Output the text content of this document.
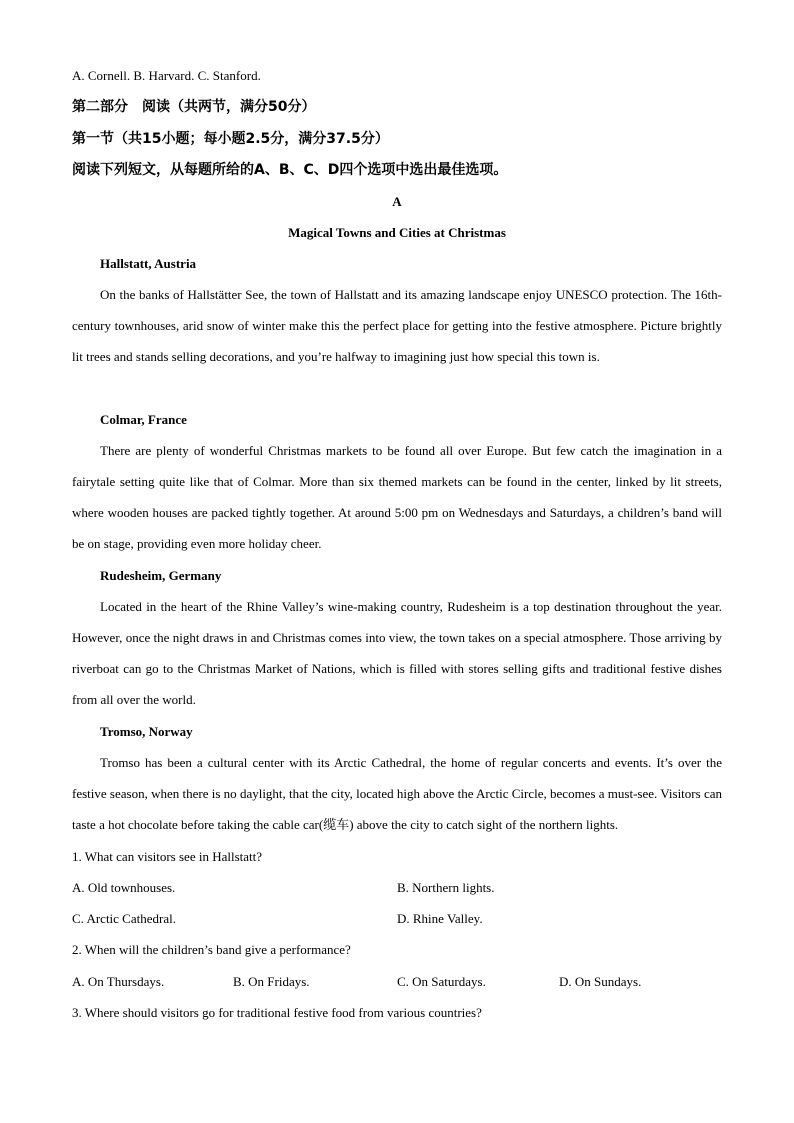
A. Cornell. B. Harvard. C. Stanford.
第二部分　阅读（共两节，满分50分）
第一节（共15小题；每小题2.5分，满分37.5分）
阅读下列短文，从每题所给的A、B、C、D四个选项中选出最佳选项。
A
Magical Towns and Cities at Christmas
Hallstatt, Austria

On the banks of Hallstätter See, the town of Hallstatt and its amazing landscape enjoy UNESCO protection. The 16th-century townhouses, arid snow of winter make this the perfect place for getting into the festive atmosphere. Picture brightly lit trees and stands selling decorations, and you’re halfway to imagining just how special this town is.

Colmar, France

There are plenty of wonderful Christmas markets to be found all over Europe. But few catch the imagination in a fairytale setting quite like that of Colmar. More than six themed markets can be found in the center, linked by lit streets, where wooden houses are packed tightly together. At around 5:00 pm on Wednesdays and Saturdays, a children’s band will be on stage, providing even more holiday cheer.

Rudesheim, Germany

Located in the heart of the Rhine Valley’s wine-making country, Rudesheim is a top destination throughout the year. However, once the night draws in and Christmas comes into view, the town takes on a special atmosphere. Those arriving by riverboat can go to the Christmas Market of Nations, which is filled with stores selling gifts and traditional festive dishes from all over the world.

Tromso, Norway

Tromso has been a cultural center with its Arctic Cathedral, the home of regular concerts and events. It’s over the festive season, when there is no daylight, that the city, located high above the Arctic Circle, becomes a must-see. Visitors can taste a hot chocolate before taking the cable car(缆车) above the city to catch sight of the northern lights.

1. What can visitors see in Hallstatt?
A. Old townhouses.	B. Northern lights.
C. Arctic Cathedral.	D. Rhine Valley.
2. When will the children’s band give a performance?
A. On Thursdays.	B. On Fridays.	C. On Saturdays.	D. On Sundays.
3. Where should visitors go for traditional festive food from various countries?
